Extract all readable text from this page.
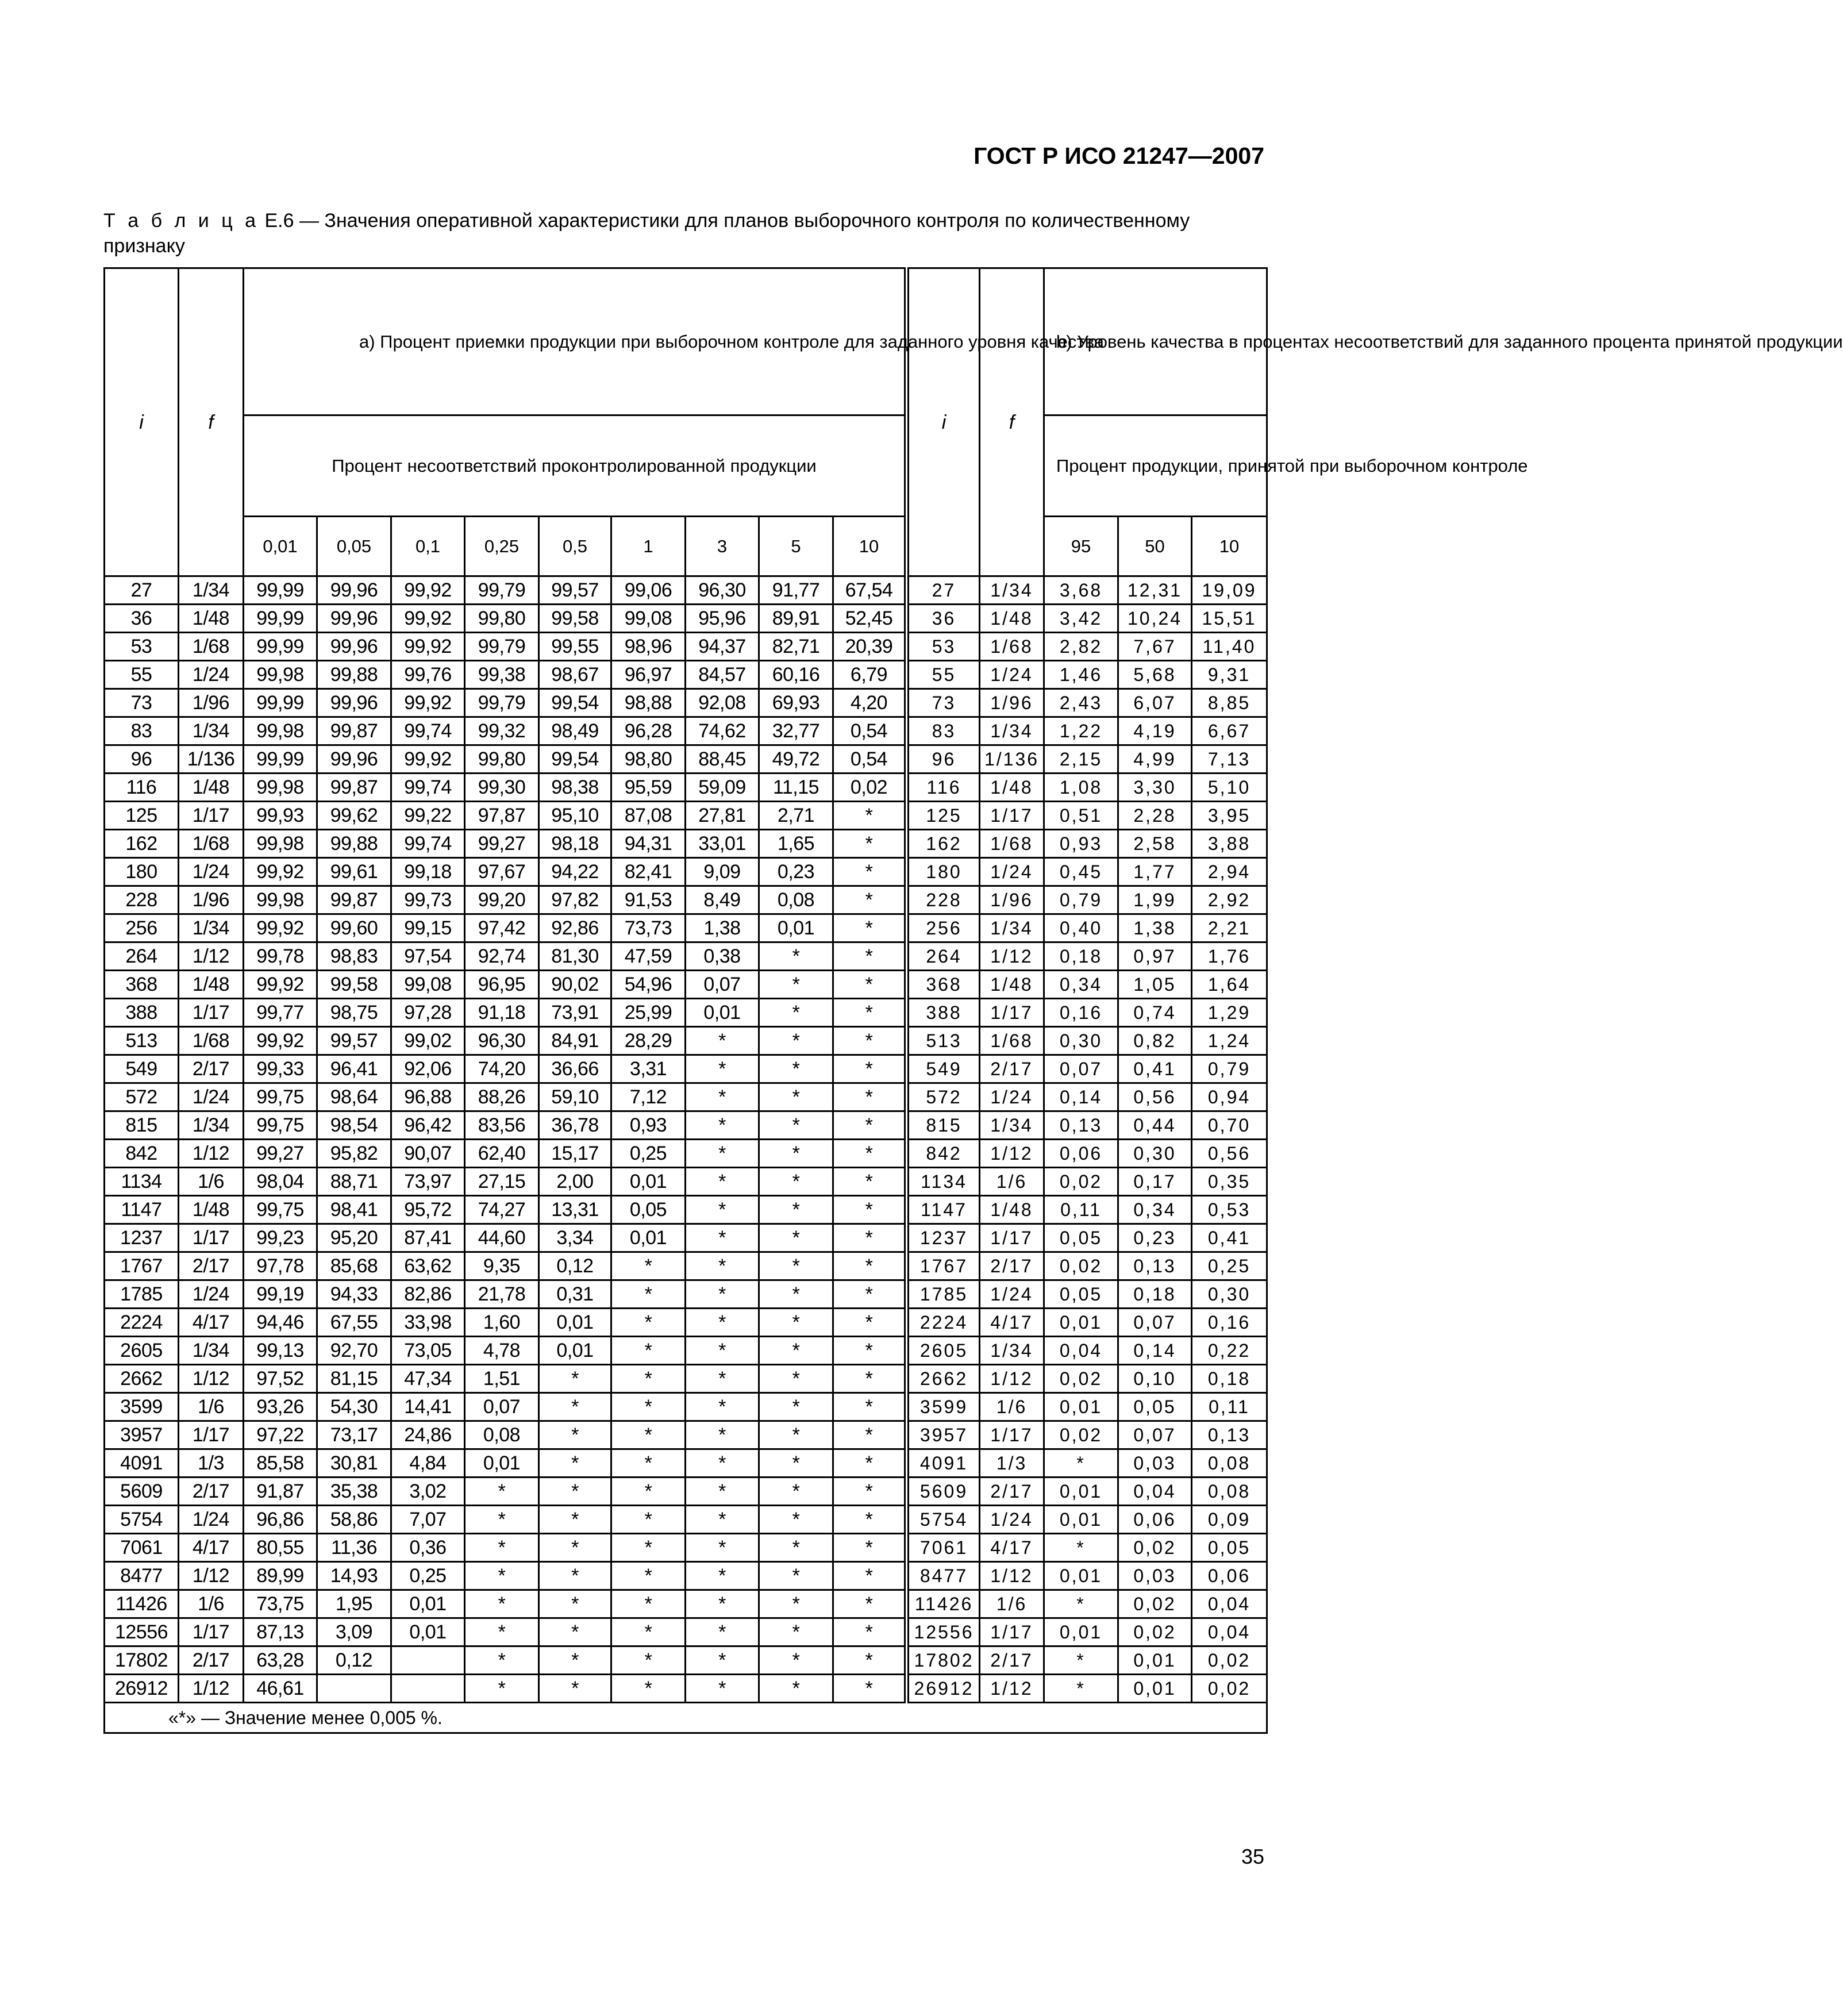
ГОСТ Р ИСО 21247—2007
Т а б л и ц а Е.6 — Значения оперативной характеристики для планов выборочного контроля по количественному признаку
i	f	а) Процент приемки продукции при выборочном контроле для заданного уровня качества									i	f	b) Уровень качества в процентах несоответствий для заданного процента принятой продукции		
		Процент несоответствий проконтролированной продукции											Процент продукции, принятой при выборочном контроле		
		0,01	0,05	0,1	0,25	0,5	1	3	5	10			95	50	10
27	1/34	99,99	99,96	99,92	99,79	99,57	99,06	96,30	91,77	67,54	27	1/34	3,68	12,31	19,09
36	1/48	99,99	99,96	99,92	99,80	99,58	99,08	95,96	89,91	52,45	36	1/48	3,42	10,24	15,51
53	1/68	99,99	99,96	99,92	99,79	99,55	98,96	94,37	82,71	20,39	53	1/68	2,82	7,67	11,40
55	1/24	99,98	99,88	99,76	99,38	98,67	96,97	84,57	60,16	6,79	55	1/24	1,46	5,68	9,31
73	1/96	99,99	99,96	99,92	99,79	99,54	98,88	92,08	69,93	4,20	73	1/96	2,43	6,07	8,85
83	1/34	99,98	99,87	99,74	99,32	98,49	96,28	74,62	32,77	0,54	83	1/34	1,22	4,19	6,67
96	1/136	99,99	99,96	99,92	99,80	99,54	98,80	88,45	49,72	0,54	96	1/136	2,15	4,99	7,13
116	1/48	99,98	99,87	99,74	99,30	98,38	95,59	59,09	11,15	0,02	116	1/48	1,08	3,30	5,10
125	1/17	99,93	99,62	99,22	97,87	95,10	87,08	27,81	2,71	*	125	1/17	0,51	2,28	3,95
162	1/68	99,98	99,88	99,74	99,27	98,18	94,31	33,01	1,65	*	162	1/68	0,93	2,58	3,88
180	1/24	99,92	99,61	99,18	97,67	94,22	82,41	9,09	0,23	*	180	1/24	0,45	1,77	2,94
228	1/96	99,98	99,87	99,73	99,20	97,82	91,53	8,49	0,08	*	228	1/96	0,79	1,99	2,92
256	1/34	99,92	99,60	99,15	97,42	92,86	73,73	1,38	0,01	*	256	1/34	0,40	1,38	2,21
264	1/12	99,78	98,83	97,54	92,74	81,30	47,59	0,38	*	*	264	1/12	0,18	0,97	1,76
368	1/48	99,92	99,58	99,08	96,95	90,02	54,96	0,07	*	*	368	1/48	0,34	1,05	1,64
388	1/17	99,77	98,75	97,28	91,18	73,91	25,99	0,01	*	*	388	1/17	0,16	0,74	1,29
513	1/68	99,92	99,57	99,02	96,30	84,91	28,29	*	*	*	513	1/68	0,30	0,82	1,24
549	2/17	99,33	96,41	92,06	74,20	36,66	3,31	*	*	*	549	2/17	0,07	0,41	0,79
572	1/24	99,75	98,64	96,88	88,26	59,10	7,12	*	*	*	572	1/24	0,14	0,56	0,94
815	1/34	99,75	98,54	96,42	83,56	36,78	0,93	*	*	*	815	1/34	0,13	0,44	0,70
842	1/12	99,27	95,82	90,07	62,40	15,17	0,25	*	*	*	842	1/12	0,06	0,30	0,56
1134	1/6	98,04	88,71	73,97	27,15	2,00	0,01	*	*	*	1134	1/6	0,02	0,17	0,35
1147	1/48	99,75	98,41	95,72	74,27	13,31	0,05	*	*	*	1147	1/48	0,11	0,34	0,53
1237	1/17	99,23	95,20	87,41	44,60	3,34	0,01	*	*	*	1237	1/17	0,05	0,23	0,41
1767	2/17	97,78	85,68	63,62	9,35	0,12	*	*	*	*	1767	2/17	0,02	0,13	0,25
1785	1/24	99,19	94,33	82,86	21,78	0,31	*	*	*	*	1785	1/24	0,05	0,18	0,30
2224	4/17	94,46	67,55	33,98	1,60	0,01	*	*	*	*	2224	4/17	0,01	0,07	0,16
2605	1/34	99,13	92,70	73,05	4,78	0,01	*	*	*	*	2605	1/34	0,04	0,14	0,22
2662	1/12	97,52	81,15	47,34	1,51	*	*	*	*	*	2662	1/12	0,02	0,10	0,18
3599	1/6	93,26	54,30	14,41	0,07	*	*	*	*	*	3599	1/6	0,01	0,05	0,11
3957	1/17	97,22	73,17	24,86	0,08	*	*	*	*	*	3957	1/17	0,02	0,07	0,13
4091	1/3	85,58	30,81	4,84	0,01	*	*	*	*	*	4091	1/3	*	0,03	0,08
5609	2/17	91,87	35,38	3,02	*	*	*	*	*	*	5609	2/17	0,01	0,04	0,08
5754	1/24	96,86	58,86	7,07	*	*	*	*	*	*	5754	1/24	0,01	0,06	0,09
7061	4/17	80,55	11,36	0,36	*	*	*	*	*	*	7061	4/17	*	0,02	0,05
8477	1/12	89,99	14,93	0,25	*	*	*	*	*	*	8477	1/12	0,01	0,03	0,06
11426	1/6	73,75	1,95	0,01	*	*	*	*	*	*	11426	1/6	*	0,02	0,04
12556	1/17	87,13	3,09	0,01	*	*	*	*	*	*	12556	1/17	0,01	0,02	0,04
17802	2/17	63,28	0,12		*	*	*	*	*	*	17802	2/17	*	0,01	0,02
26912	1/12	46,61			*	*	*	*	*	*	26912	1/12	*	0,01	0,02
«*» — Значение менее 0,005 %.															
35
